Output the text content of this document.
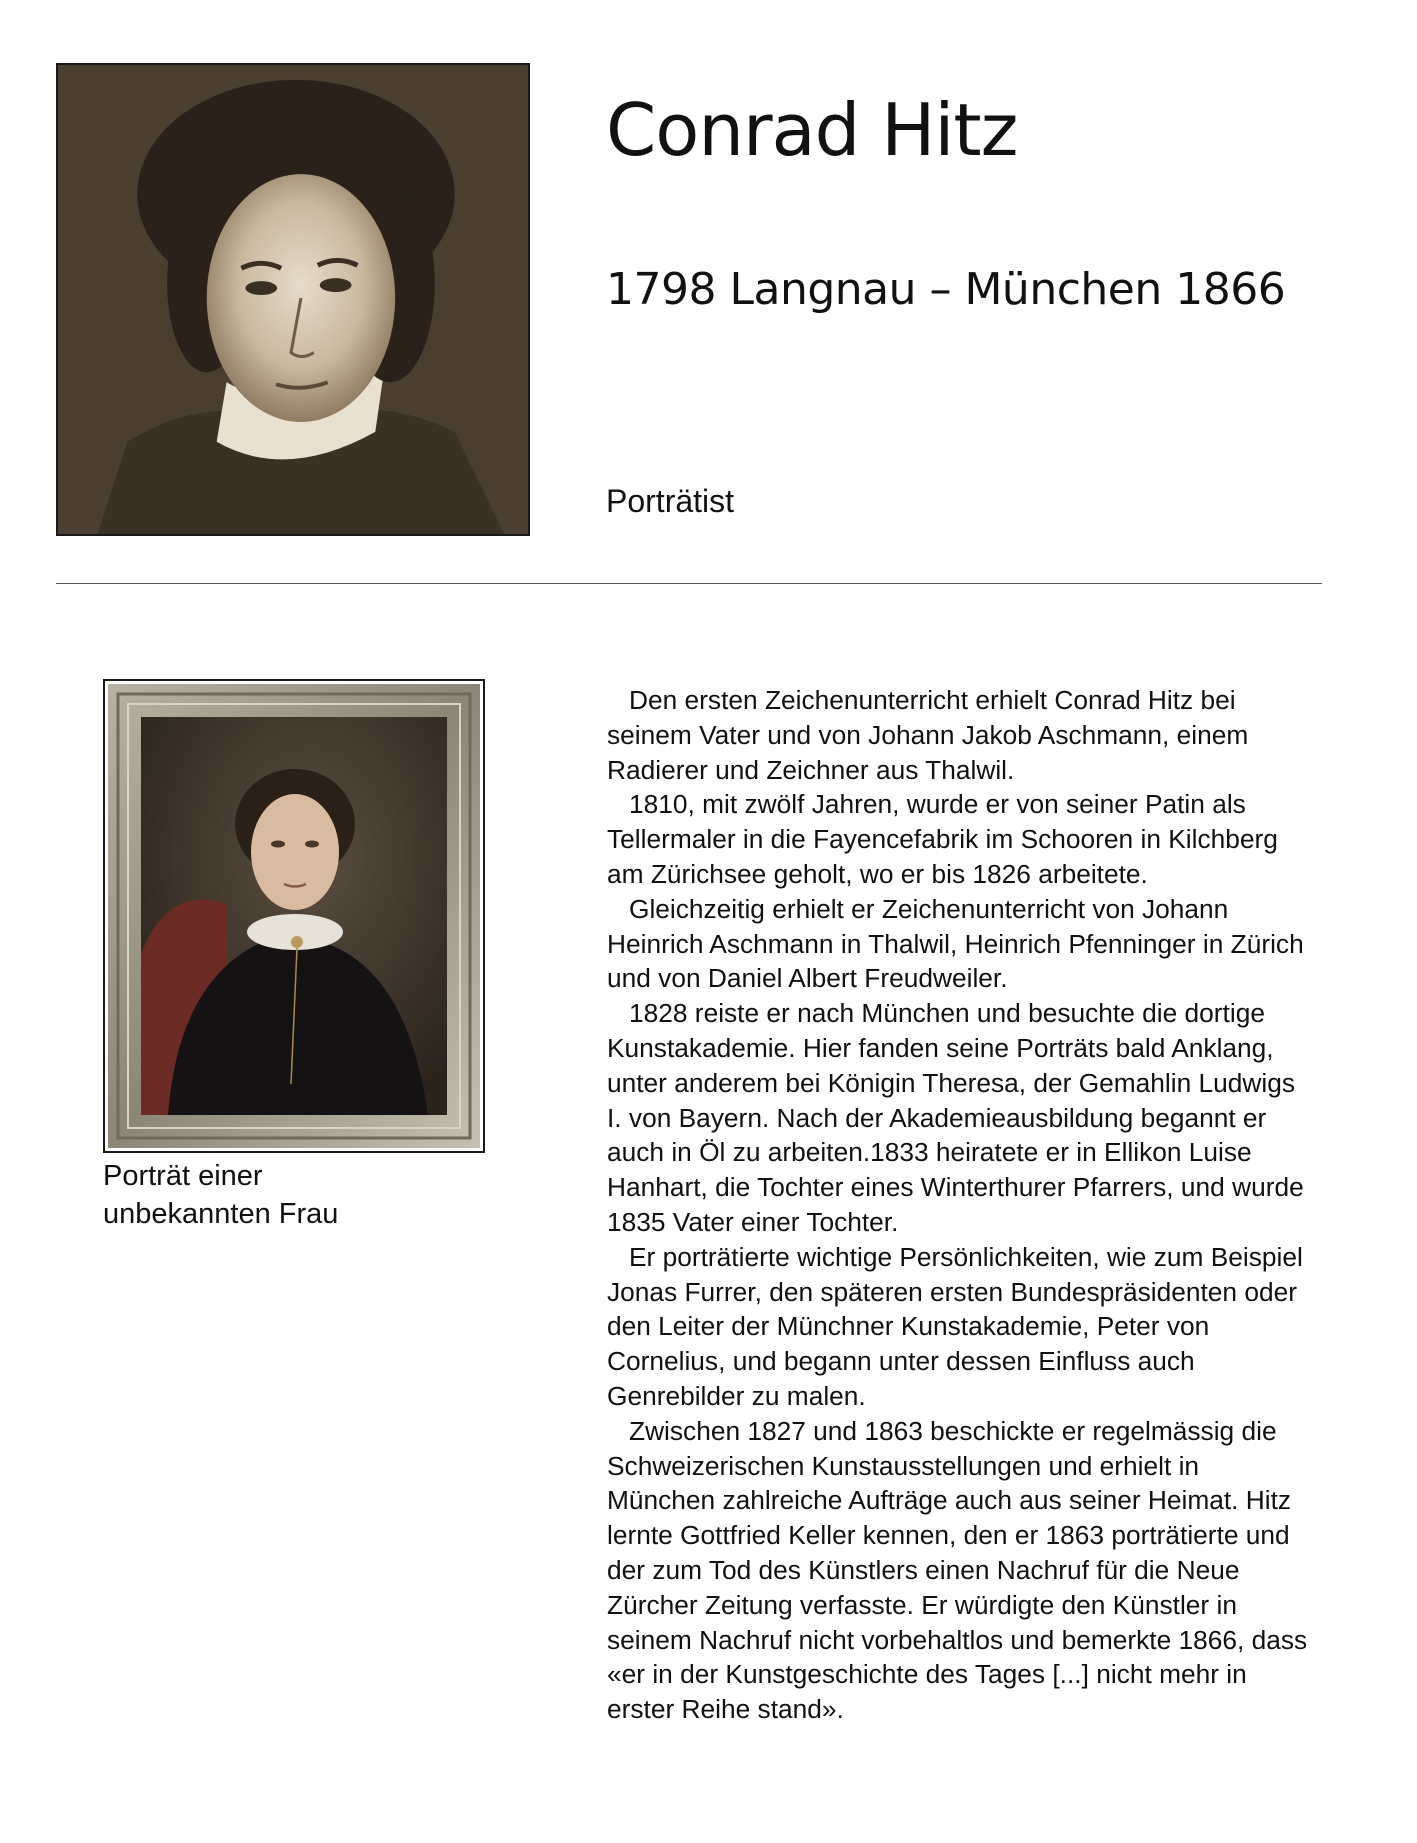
Conrad Hitz
1798 Langnau – München 1866
Porträtist
Porträt einer
unbekannten Frau

Den ersten Zeichenunterricht erhielt Conrad Hitz bei seinem Vater und von Johann Jakob Aschmann, einem Radierer und Zeichner aus Thalwil.

1810, mit zwölf Jahren, wurde er von seiner Patin als Tellermaler in die Fayencefabrik im Schooren in Kilchberg am Zürichsee geholt, wo er bis 1826 arbeitete.

Gleichzeitig erhielt er Zeichenunterricht von Johann Heinrich Aschmann in Thalwil, Heinrich Pfenninger in Zürich und von Daniel Albert Freudweiler.

1828 reiste er nach München und besuchte die dortige Kunstakademie. Hier fanden seine Porträts bald Anklang, unter anderem bei Königin Theresa, der Gemahlin Ludwigs I. von Bayern. Nach der Akademieausbildung begannt er auch in Öl zu arbeiten.1833 heiratete er in Ellikon Luise Hanhart, die Tochter eines Winterthurer Pfarrers, und wurde 1835 Vater einer Tochter.

Er porträtierte wichtige Persönlichkeiten, wie zum Beispiel Jonas Furrer, den späteren ersten Bundespräsidenten oder den Leiter der Münchner Kunstakademie, Peter von Cornelius, und begann unter dessen Einfluss auch Genrebilder zu malen.

Zwischen 1827 und 1863 beschickte er regelmässig die Schweizerischen Kunstausstellungen und erhielt in München zahlreiche Aufträge auch aus seiner Heimat. Hitz lernte Gottfried Keller kennen, den er 1863 porträtierte und der zum Tod des Künstlers einen Nachruf für die Neue Zürcher Zeitung verfasste. Er würdigte den Künstler in seinem Nachruf nicht vorbehaltlos und bemerkte 1866, dass «er in der Kunstgeschichte des Tages [...] nicht mehr in erster Reihe stand».
